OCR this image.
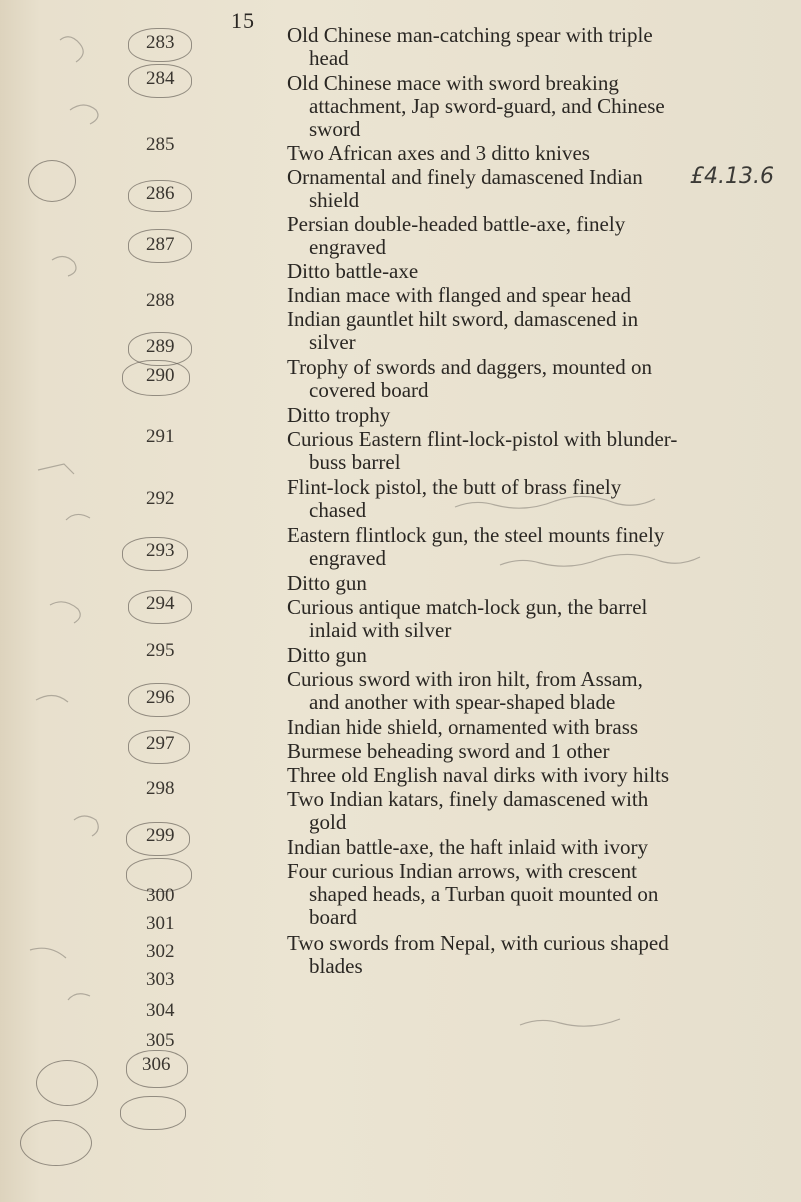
15
283
284
285
286
287
288
289
290
291
292
293
294
295
296
297
298
299
300
301
302
303
304
305
306
Old Chinese man-catching spear with triple
head
Old Chinese mace with sword breaking
attachment, Jap sword-guard, and Chinese
sword
Two African axes and 3 ditto knives
Ornamental and finely damascened Indian
shield
Persian double-headed battle-axe, finely
engraved
Ditto battle-axe
Indian mace with flanged and spear head
Indian gauntlet hilt sword, damascened in
silver
Trophy of swords and daggers, mounted on
covered board
Ditto trophy
Curious Eastern flint-lock-pistol with blunder-
buss barrel
Flint-lock pistol, the butt of brass finely
chased
Eastern flintlock gun, the steel mounts finely
engraved
Ditto gun
Curious antique match-lock gun, the barrel
inlaid with silver
Ditto gun
Curious sword with iron hilt, from Assam,
and another with spear-shaped blade
Indian hide shield, ornamented with brass
Burmese beheading sword and 1 other
Three old English naval dirks with ivory hilts
Two Indian katars, finely damascened with
gold
Indian battle-axe, the haft inlaid with ivory
Four curious Indian arrows, with crescent
shaped heads, a Turban quoit mounted on
board
Two swords from Nepal, with curious shaped
blades
£4.13.6
